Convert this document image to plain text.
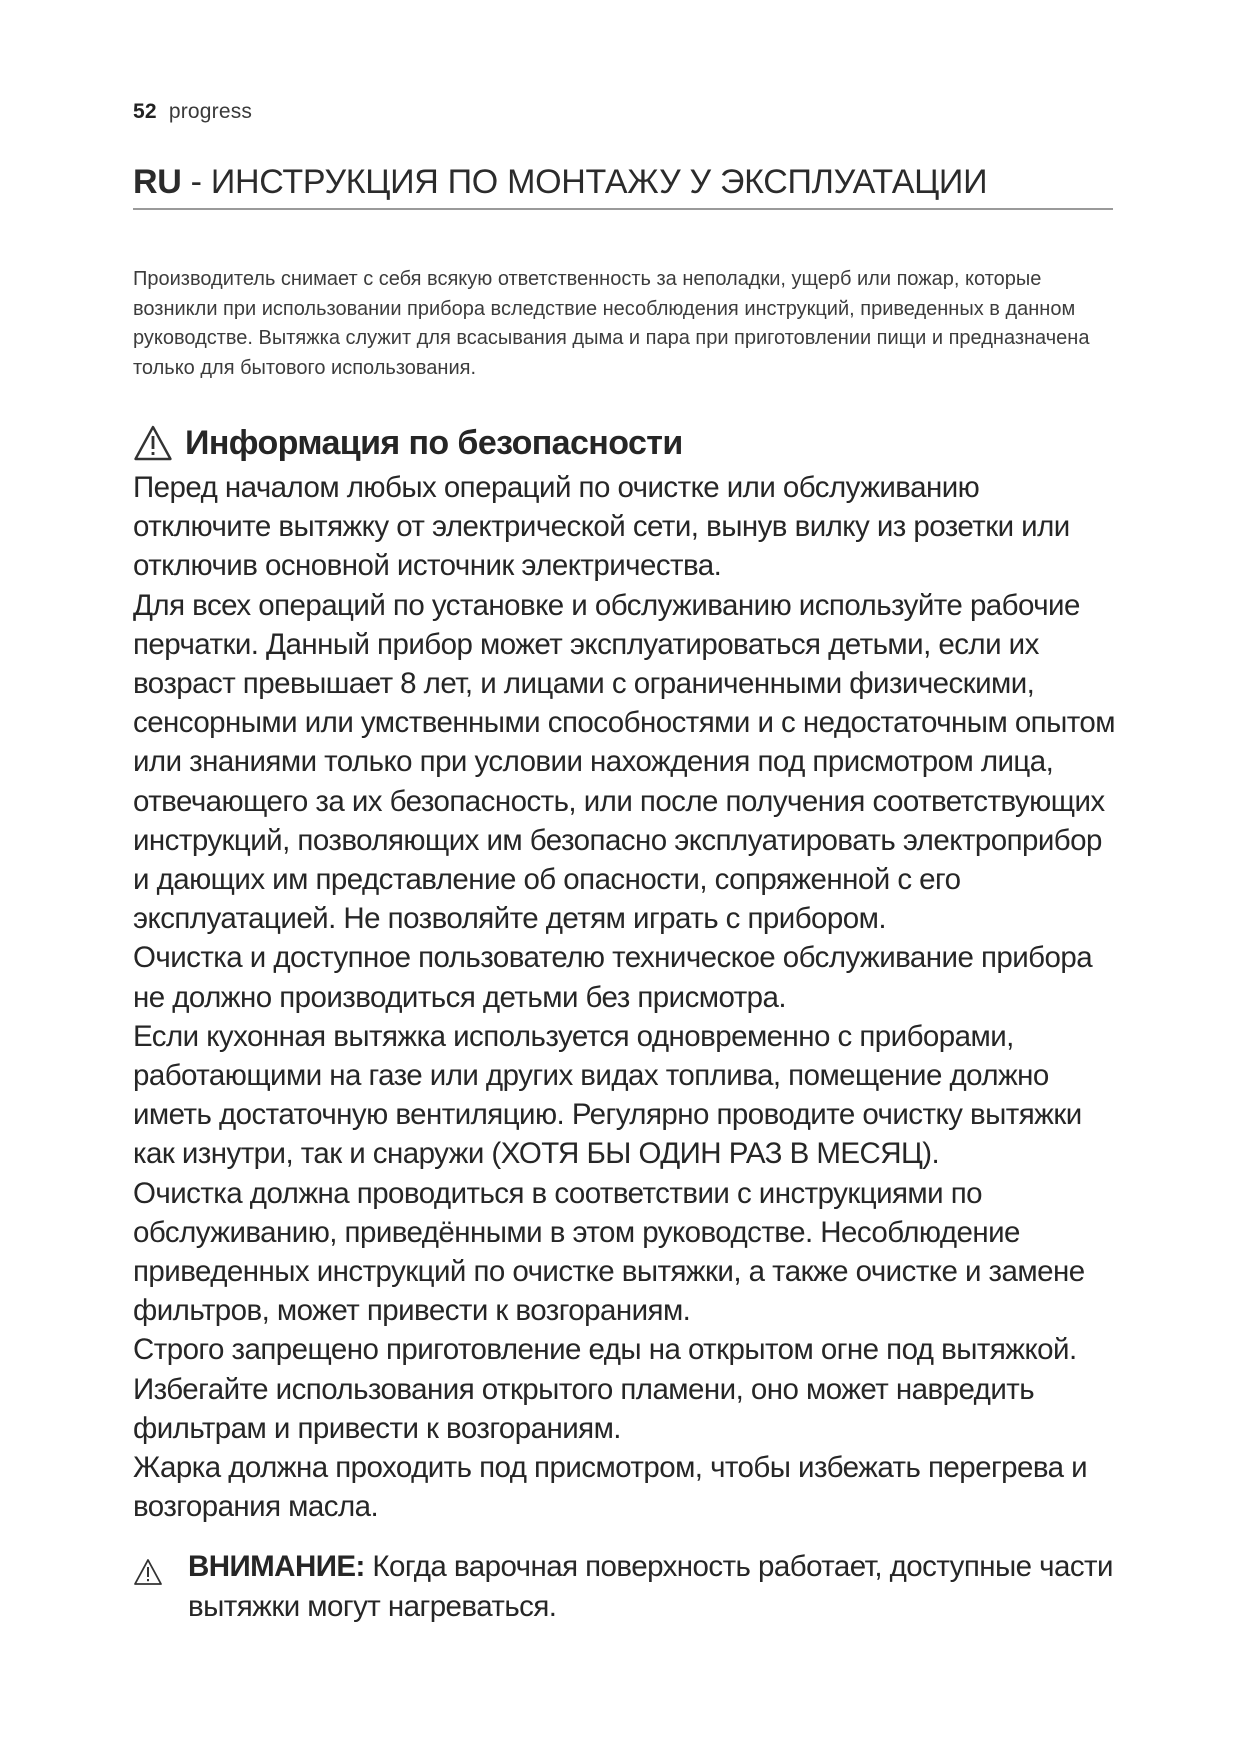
52 progress
RU - ИНСТРУКЦИЯ ПО МОНТАЖУ У ЭКСПЛУАТАЦИИ

Производитель снимает с себя всякую ответственность за неполадки, ущерб или пожар, которые возникли при использовании прибора вследствие несоблюдения инструкций, приведенных в данном руководстве. Вытяжка служит для всасывания дыма и пара при приготовлении пищи и предназначена только для бытового использования.

Информация по безопасности

Перед началом любых операций по очистке или обслуживанию отключите вытяжку от электрической сети, вынув вилку из розетки или отключив основной источник электричества.

Для всех операций по установке и обслуживанию используйте рабочие перчатки. Данный прибор может эксплуатироваться детьми, если их возраст превышает 8 лет, и лицами с ограниченными физическими, сенсорными или умственными способностями и с недостаточным опытом или знаниями только при условии нахождения под присмотром лица, отвечающего за их безопасность, или после получения соответствующих инструкций, позволяющих им безопасно эксплуатировать электроприбор и дающих им представление об опасности, сопряженной с его эксплуатацией. Не позволяйте детям играть с прибором.

Очистка и доступное пользователю техническое обслуживание прибора не должно производиться детьми без присмотра.

Если кухонная вытяжка используется одновременно с приборами, работающими на газе или других видах топлива, помещение должно иметь достаточную вентиляцию. Регулярно проводите очистку вытяжки как изнутри, так и снаружи (ХОТЯ БЫ ОДИН РАЗ В МЕСЯЦ).

Очистка должна проводиться в соответствии с инструкциями по обслуживанию, приведёнными в этом руководстве. Несоблюдение приведенных инструкций по очистке вытяжки, а также очистке и замене фильтров, может привести к возгораниям.

Строго запрещено приготовление еды на открытом огне под вытяжкой.

Избегайте использования открытого пламени, оно может навредить фильтрам и привести к возгораниям.

Жарка должна проходить под присмотром, чтобы избежать перегрева и возгорания масла.

ВНИМАНИЕ: Когда варочная поверхность работает, доступные части вытяжки могут нагреваться.
